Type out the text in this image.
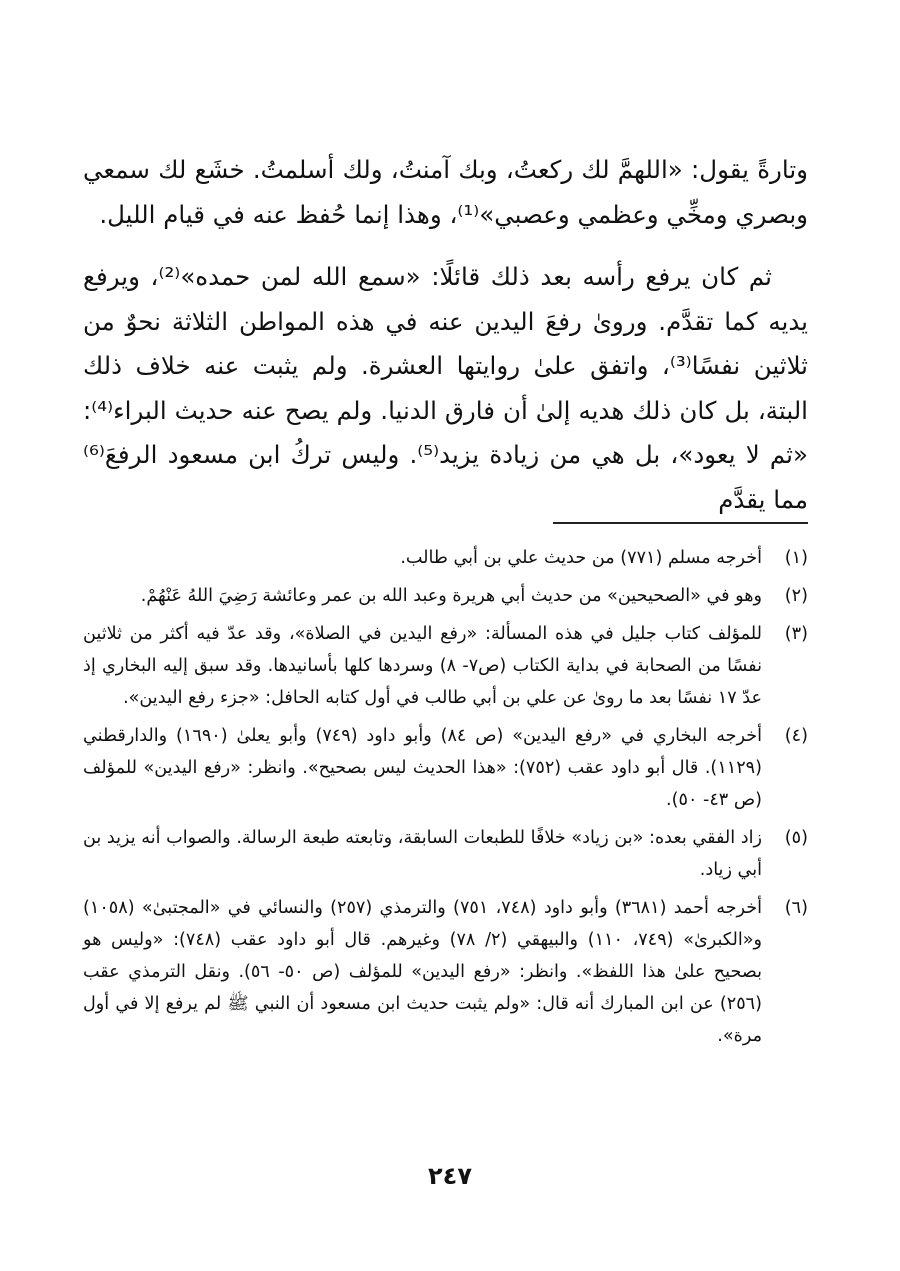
وتارةً يقول: «اللهمَّ لك ركعتُ، وبك آمنتُ، ولك أسلمتُ. خشَع لك سمعي وبصري ومخِّي وعظمي وعصبي»⁽¹⁾، وهذا إنما حُفظ عنه في قيام الليل.

ثم كان يرفع رأسه بعد ذلك قائلًا: «سمع الله لمن حمده»⁽²⁾، ويرفع يديه كما تقدَّم. وروىٰ رفعَ اليدين عنه في هذه المواطن الثلاثة نحوٌ من ثلاثين نفسًا⁽³⁾، واتفق علىٰ روايتها العشرة. ولم يثبت عنه خلاف ذلك البتة، بل كان ذلك هديه إلىٰ أن فارق الدنيا. ولم يصح عنه حديث البراء⁽⁴⁾: «ثم لا يعود»، بل هي من زيادة يزيد⁽⁵⁾. وليس تركُ ابن مسعود الرفعَ⁽⁶⁾ مما يقدَّم

(١)
أخرجه مسلم (٧٧١) من حديث علي بن أبي طالب.
(٢)
وهو في «الصحيحين» من حديث أبي هريرة وعبد الله بن عمر وعائشة رَضِيَ اللهُ عَنْهُمْ.
(٣)
للمؤلف كتاب جليل في هذه المسألة: «رفع اليدين في الصلاة»، وقد عدّ فيه أكثر من ثلاثين نفسًا من الصحابة في بداية الكتاب (ص٧- ٨) وسردها كلها بأسانيدها. وقد سبق إليه البخاري إذ عدّ ١٧ نفسًا بعد ما روىٰ عن علي بن أبي طالب في أول كتابه الحافل: «جزء رفع اليدين».
(٤)
أخرجه البخاري في «رفع اليدين» (ص ٨٤) وأبو داود (٧٤٩) وأبو يعلىٰ (١٦٩٠) والدارقطني (١١٢٩). قال أبو داود عقب (٧٥٢): «هذا الحديث ليس بصحيح». وانظر: «رفع اليدين» للمؤلف (ص ٤٣- ٥٠).
(٥)
زاد الفقي بعده: «بن زياد» خلافًا للطبعات السابقة، وتابعته طبعة الرسالة. والصواب أنه يزيد بن أبي زياد.
(٦)
أخرجه أحمد (٣٦٨١) وأبو داود (٧٤٨، ٧٥١) والترمذي (٢٥٧) والنسائي في «المجتبىٰ» (١٠٥٨) و«الكبرىٰ» (٧٤٩، ١١٠) والبيهقي (٢/ ٧٨) وغيرهم. قال أبو داود عقب (٧٤٨): «وليس هو بصحيح علىٰ هذا اللفظ». وانظر: «رفع اليدين» للمؤلف (ص ٥٠- ٥٦). ونقل الترمذي عقب (٢٥٦) عن ابن المبارك أنه قال: «ولم يثبت حديث ابن مسعود أن النبي ﷺ لم يرفع إلا في أول مرة».
٢٤٧
